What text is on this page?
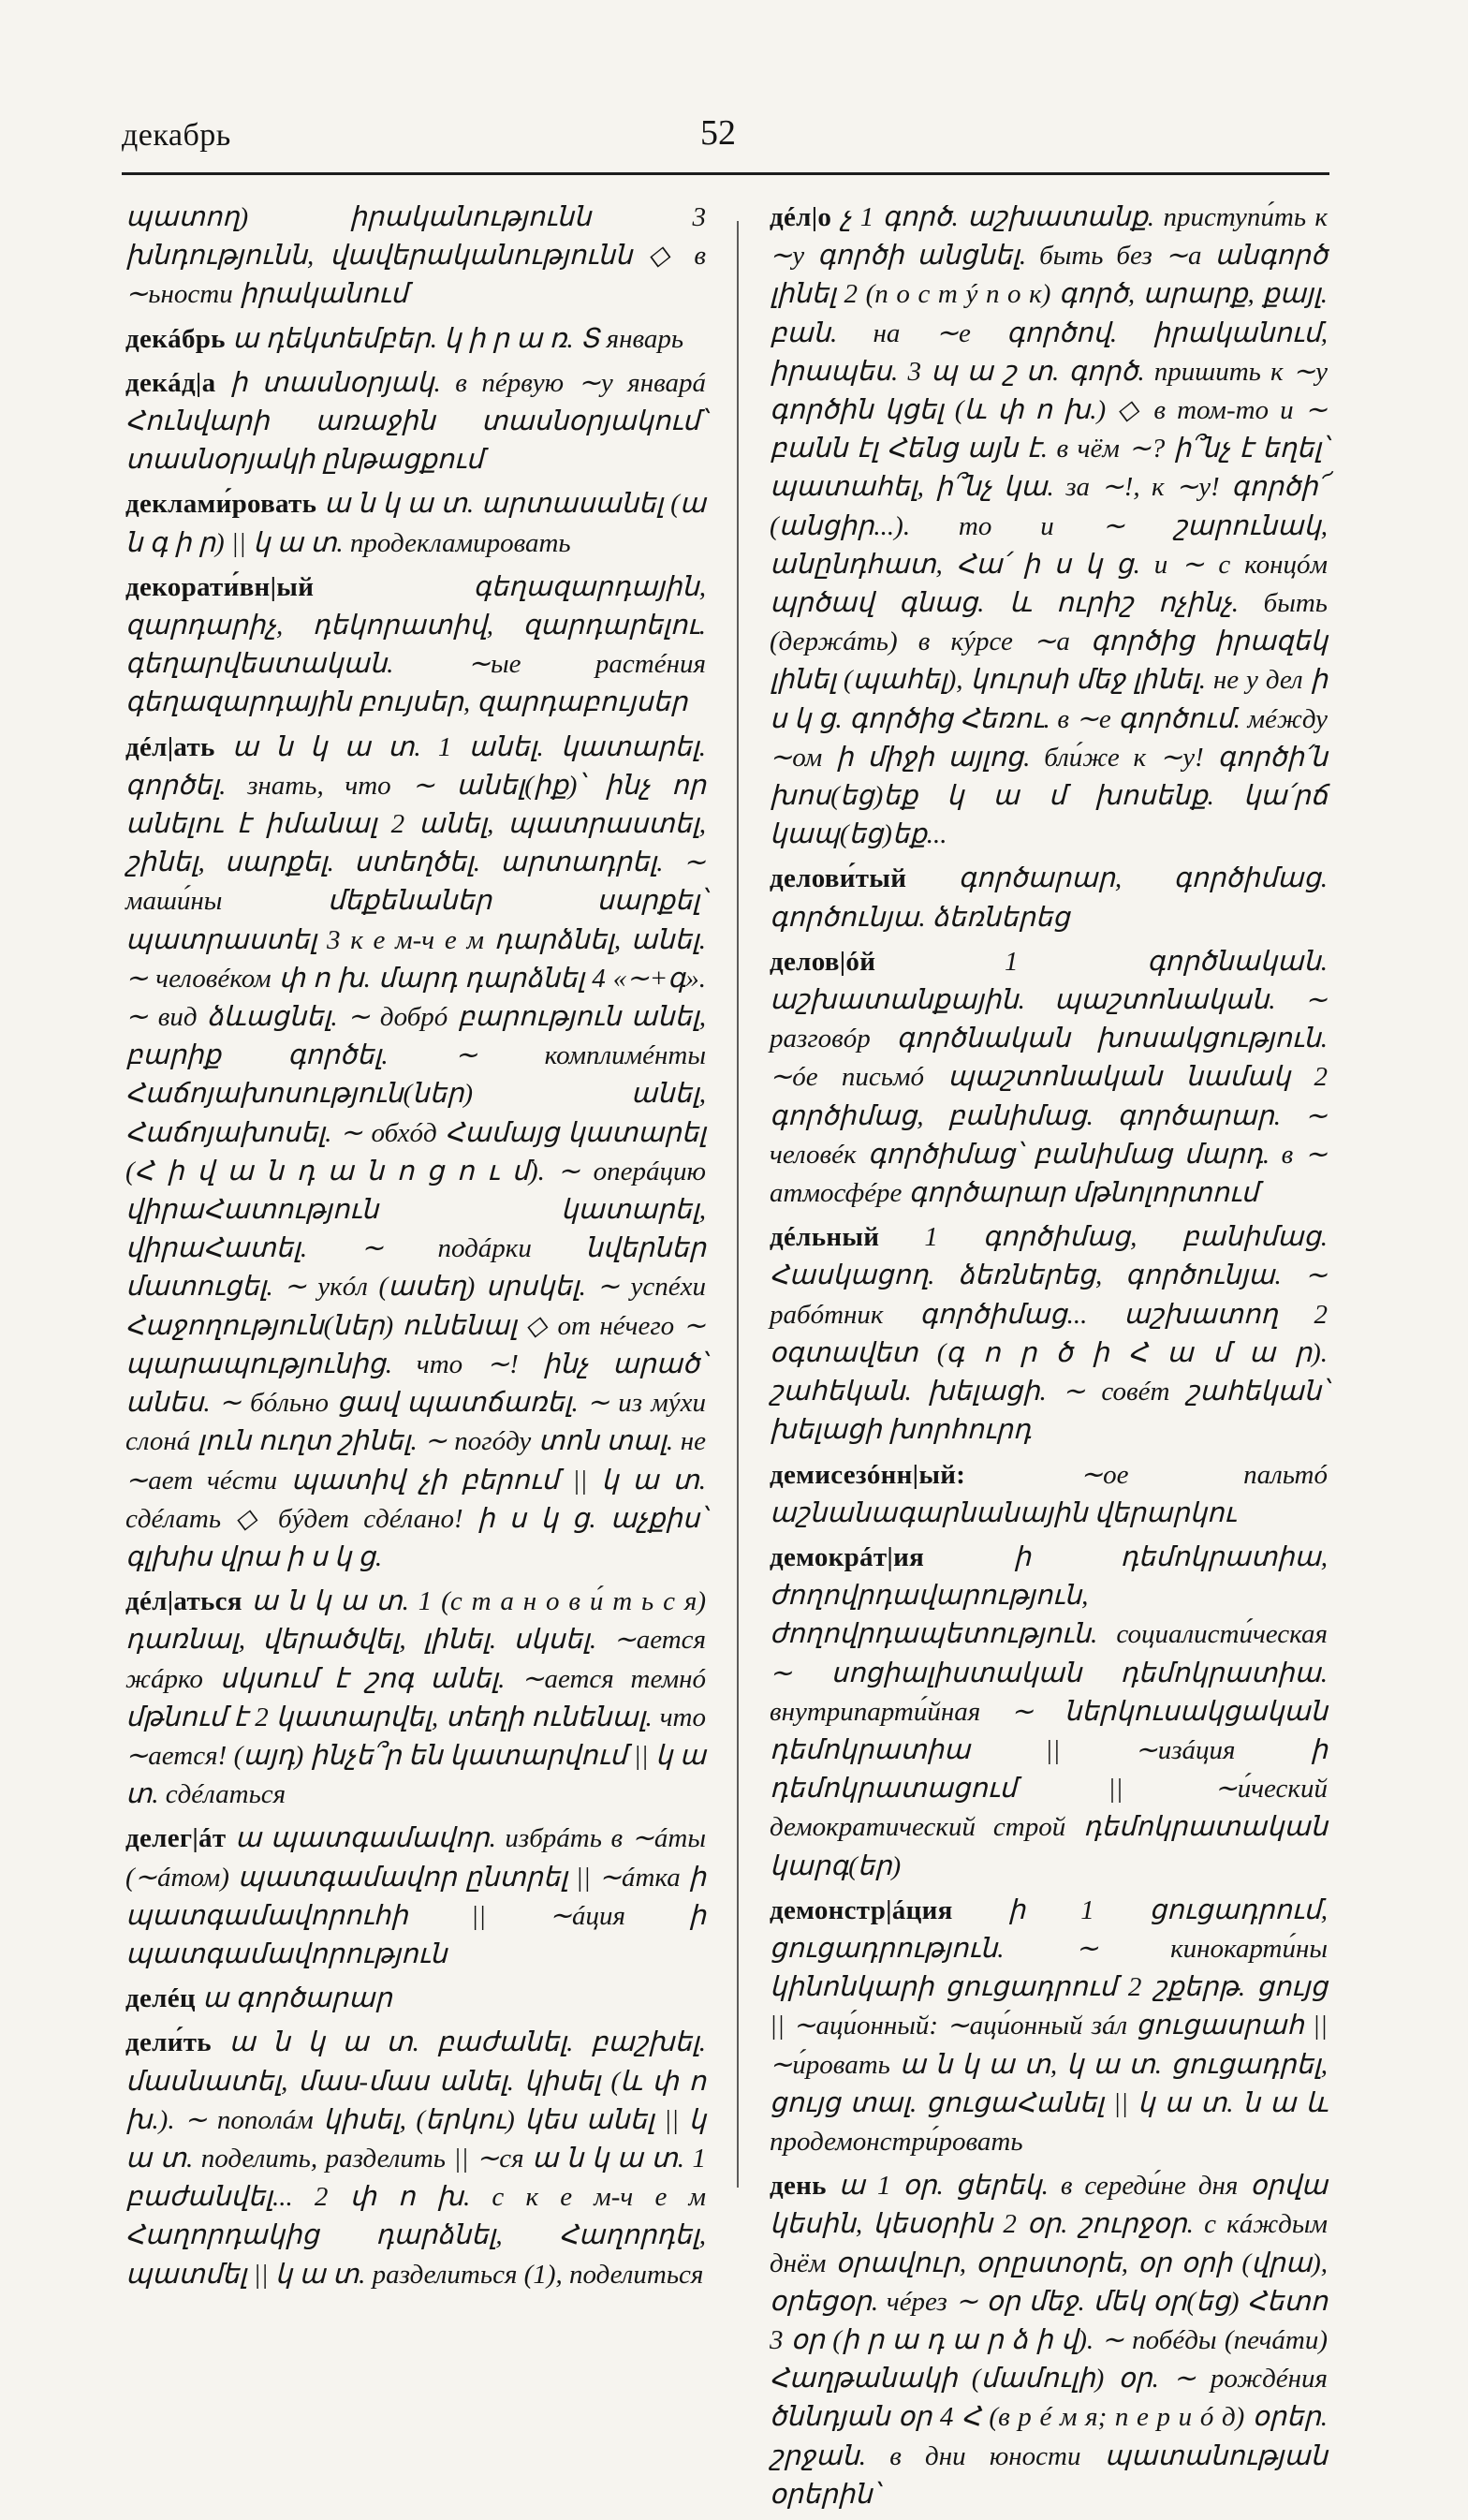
декабрь	52

պատող) իրականությունն 3 խնդությունն, վավերականությունն ◇ в ∼ьности իրականում

декáбрь ա դեկտեմբեր. կ ի ր ա ռ. Տ январь

декáд|а ի տասնօրյակ. в пéрвую ∼у январá Հունվարի առաջին տասնօրյակում՝ տասնօրյակի ընթացքում

деклами́ровать ա ն կ ա տ. արտասանել (ա ն գ ի ր) || կ ա տ. продекламировать

декорати́вн|ый	գեղազարդային, զարդարիչ, դեկորատիվ, զարդարելու. գեղարվեստական. ∼ые растéния գեղազարդային բույսեր, զարդաբույսեր

дéл|ать ա ն կ ա տ. 1 անել. կատարել. գործել. знать, что ∼ անել(իք)՝ ինչ որ անելու է իմանալ 2 անել, պատրաստել, շինել, սարքել. ստեղծել. արտադրել. ∼ маши́ны մեքենաներ սարքել՝ պատրաստել 3 к е м-ч е м դարձնել, անել. ∼ человéком փ ո խ. մարդ դարձնել 4 «∼+գ». ∼ вид ձևացնել. ∼ добрó բարություն անել, բարիք գործել. ∼ комплимéнты Հաճոյախոսություն(ներ) անել, Հաճոյախոսել. ∼ обхóд Համայց կատարել (Հ ի վ ա ն դ ա ն ո ց ո ւ մ). ∼ оперáцию վիրաՀատություն կատարել, վիրաՀատել. ∼ подáрки նվերներ մատուցել. ∼ укóл (ասեղ) սրսկել. ∼ успéхи Հաջողություն(ներ) ունենալ ◇ от нéчего ∼ պարապությունից. что ∼! ինչ արած՝ անես. ∼ бóльно ցավ պատճառել. ∼ из мýхи слонá լուն ուղտ շինել. ∼ погóду տոն տալ. не ∼ает чéсти պատիվ չի բերում || կ ա տ. сдéлать ◇ бýдет сдéлано! ի ս կ ց. աչքիս՝ գլխիս վրա ի ս կ ց.

дéл|аться ա ն կ ա տ. 1 (с т а н о в и́ т ь с я) դառնալ, վերածվել, լինել. սկսել. ∼ается жáрко սկսում է շոգ անել. ∼ается темнó մթնում է 2 կատարվել, տեղի ունենալ. что ∼ается! (այդ) ինչե՞ր են կատարվում || կ ա տ. сдéлаться

делег|áт ա պատգամավոր. избрáть в ∼áты (∼áтом) պատգամավոր ընտրել || ∼áтка ի պատգամավորուհի || ∼áция ի պատգամավորություն

делéц ա գործարար

дели́ть ա ն կ ա տ. բաժանել. բաշխել. մասնատել, մաս-մաս անել. կիսել (և փ ո խ.). ∼ пополáм կիսել, (երկու) կես անել || կ ա տ. поделить, разделить || ∼ся ա ն կ ա տ. 1 բաժանվել... 2 փ ո խ. с к е м-ч е м Հաղորդակից դարձնել, Հաղորդել, պատմել || կ ա տ. разделиться (1), поделиться

дéл|о չ 1 գործ. աշխատանք. приступи́ть к ∼у գործի անցնել. быть без ∼а անգործ լինել 2 (п о с т ý п о к) գործ, արարք, քայլ. բան. на ∼е գործով. իրականում, իրապես. 3 պ ա շ տ. գործ. пришить к ∼у գործին կցել (և փ ո խ.) ◇ в том-то и ∼ բանն էլ Հենց այն է. в чём ∼? ի՞նչ է եղել՝ պատահել, ի՞նչ կա. за ∼!, к ∼у! գործի՜ (անցիր...). то и ∼ շարունակ, անընդհատ, Հա՛ ի ս կ ց. и ∼ с концóм պրծավ գնաց. և ուրիշ ոչինչ. быть (держáть) в кýрсе ∼а գործից իրազեկ լինել (պահել), կուրսի մեջ լինել. не у дел ի ս կ ց. գործից Հեռու. в ∼е գործում. мéжду ∼ом ի միջի այլոց. бли́же к ∼у! գործի՛ն խոս(եց)եք կ ա մ խոսենք. կա՛րճ կապ(եց)եք...

делови́тый գործարար, գործիմաց. գործունյա. ձեռներեց

делов|óй	1 գործնական. աշխատանքային. պաշտոնական. ∼ разговóр գործնական խոսակցություն. ∼óе письмó պաշտոնական նամակ 2 գործիմաց, բանիմաց. գործարար. ∼ человéк գործիմաց՝ բանիմաց մարդ. в ∼ атмосфéре գործարար մթնոլորտում

дéльный 1 գործիմաց, բանիմաց. Հասկացող. ձեռներեց, գործունյա. ∼ рабóтник գործիմաց... աշխատող 2 օգտավետ (գ ո ր ծ ի Հ ա մ ա ր). շահեկան. խելացի. ∼ совéт շահեկան՝ խելացի խորհուրդ

демисезóнн|ый:	∼ое пальтó աշնանագարնանային վերարկու

демокрáт|ия	ի դեմոկրատիա, ժողովրդավարություն, ժողովրդապետություն. социалисти́ческая ∼ սոցիալիստական դեմոկրատիա. внутрипарти́йная ∼ ներկուսակցական դեմոկրատիա || ∼изáция ի դեմոկրատացում || ∼и́ческий демократический строй դեմոկրատական կարգ(եր)

демонстр|áция ի 1 ցուցադրում, ցուցադրություն. ∼ кинокарти́ны կինոնկարի ցուցադրում 2 շքերթ. ցույց || ∼аци́онный: ∼аци́онный зáл ցուցասրահ || ∼и́ровать ա ն կ ա տ, կ ա տ. ցուցադրել, ցույց տալ. ցուցաՀանել || կ ա տ. ն ա և продемонстри́ровать

день ա 1 օր. ցերեկ. в середи́не дня օրվա կեսին, կեսօրին 2 օր. շուրջօր. с кáждым днём օրավուր, օրըստօրե, օր օրի (վրա), օրեցօր. чéрез ∼ օր մեջ. մեկ օր(եց) Հետո 3 օր (ի ր ա դ ա ր ձ ի վ). ∼ побéды (печáти) Հաղթանակի (մամուլի) օր. ∼ рождéния ծննդյան օր 4 Հ (в р é м я; п е р и ó д) օրեր. շրջան. в дни юности պատանության օրերին՝
